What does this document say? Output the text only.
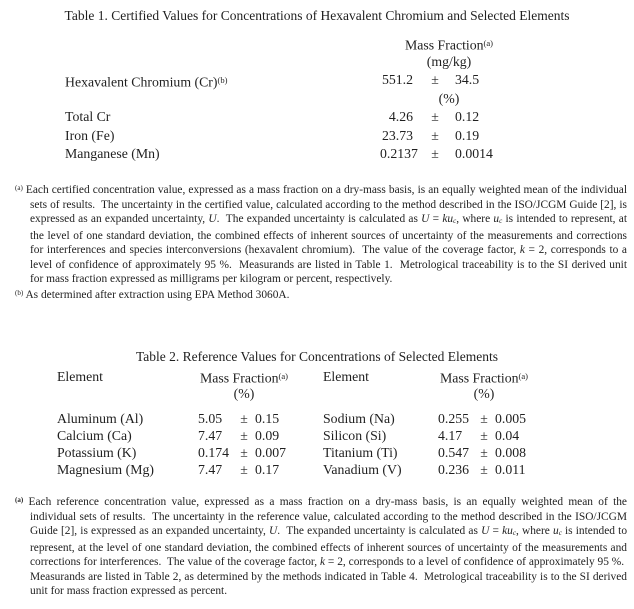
Table 1. Certified Values for Concentrations of Hexavalent Chromium and Selected Elements
Mass Fraction$^{(a)}$
(mg/kg)
Hexavalent Chromium $(Cr)^{(b)}$	551.2	±	34.5
(%)
Total Cr	4.26	±	0.12
Iron (Fe)	23.73	±	0.19
Manganese (Mn)	0.2137 ±	0.0014
$^{(a)}$ Each certified concentration value, expressed as a mass fraction on a dry-mass basis, is an equally weighted mean of the individual sets of results.  The uncertainty in the certified value, calculated according to the method described in the ISO/JCGM Guide [2], is expressed as an expanded uncertainty, U.  The expanded uncertainty is calculated as U = kuc, where uc is intended to represent, at the level of one standard deviation, the combined effects of inherent sources of uncertainty of the measurements and corrections for interferences and species interconversions (hexavalent chromium).  The value of the coverage factor, k = 2, corresponds to a level of confidence of approximately 95 %.  Measurands are listed in Table 1.  Metrological traceability is to the SI derived unit for mass fraction expressed as milligrams per kilogram or percent, respectively.
$^{(b)}$ As determined after extraction using EPA Method 3060A.
Table 2. Reference Values for Concentrations of Selected Elements
Element	Mass Fraction$^{(a)}$	Element	Mass Fraction$^{(a)}$
(%)	(%)
Aluminum (Al)	5.05	± 0.15	Sodium (Na)	0.255 ± 0.005
Calcium (Ca)	7.47	± 0.09	Silicon (Si)	4.17	± 0.04
Potassium (K)	0.174 ± 0.007	Titanium (Ti)	0.547 ± 0.008
Magnesium (Mg)	7.47	± 0.17	Vanadium (V)	0.236 ± 0.011
$^{(a)}$ Each reference concentration value, expressed as a mass fraction on a dry-mass basis, is an equally weighted mean of the individual sets of results.  The uncertainty in the reference value, calculated according to the method described in the ISO/JCGM Guide [2], is expressed as an expanded uncertainty, U.  The expanded uncertainty is calculated as U = kuc, where uc is intended to represent, at the level of one standard deviation, the combined effects of inherent sources of uncertainty of the measurements and corrections for interferences.  The value of the coverage factor, k = 2, corresponds to a level of confidence of approximately 95 %.  Measurands are listed in Table 2, as determined by the methods indicated in Table 4.  Metrological traceability is to the SI derived unit for mass fraction expressed as percent.
